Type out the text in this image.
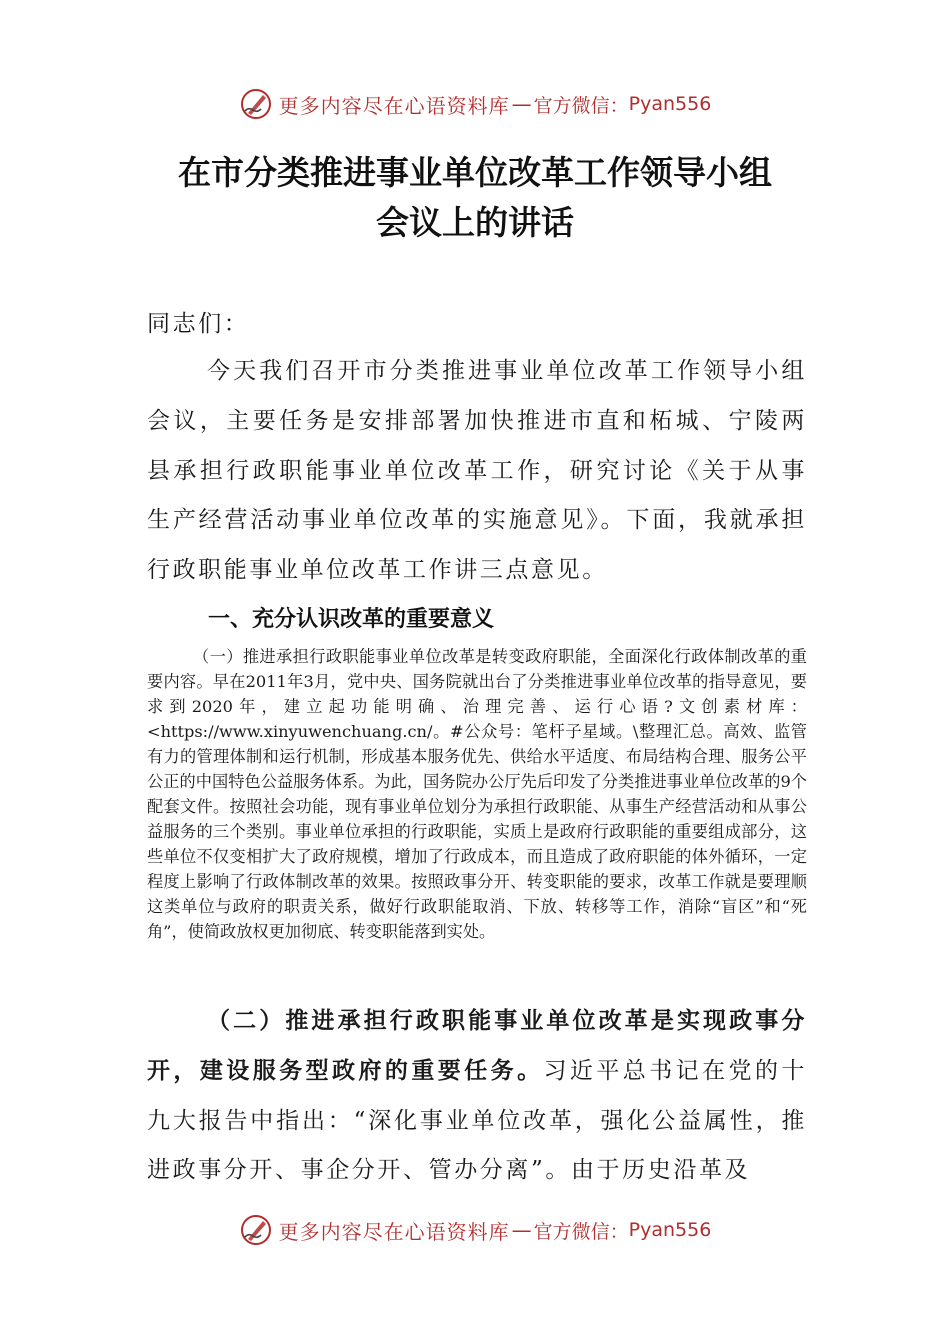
更多内容尽在心语资料库 — 官方微信： Pyan556
在市分类推进事业单位改革工作领导小组
会议上的讲话
同志们：
今天我们召开市分类推进事业单位改革工作领导小组会议，主要任务是安排部署加快推进市直和柘城、宁陵两县承担行政职能事业单位改革工作，研究讨论《关于从事生产经营活动事业单位改革的实施意见》。下面，我就承担行政职能事业单位改革工作讲三点意见。
一、充分认识改革的重要意义
（一）推进承担行政职能事业单位改革是转变政府职能，全面深化行政体制改革的重要内容。早在2011年3月，党中央、国务院就出台了分类推进事业单位改革的指导意见，要求到2020年，建立起功能明确、治理完善、运行心语?文创素材库：<https://www.xinyuwenchuang.cn/。#公众号：笔杆子星域。\整理汇总。高效、监管有力的管理体制和运行机制，形成基本服务优先、供给水平适度、布局结构合理、服务公平公正的中国特色公益服务体系。为此，国务院办公厅先后印发了分类推进事业单位改革的9个配套文件。按照社会功能，现有事业单位划分为承担行政职能、从事生产经营活动和从事公益服务的三个类别。事业单位承担的行政职能，实质上是政府行政职能的重要组成部分，这些单位不仅变相扩大了政府规模，增加了行政成本，而且造成了政府职能的体外循环，一定程度上影响了行政体制改革的效果。按照政事分开、转变职能的要求，改革工作就是要理顺这类单位与政府的职责关系，做好行政职能取消、下放、转移等工作，消除“盲区”和“死角”，使简政放权更加彻底、转变职能落到实处。
（二）推进承担行政职能事业单位改革是实现政事分开，建设服务型政府的重要任务。习近平总书记在党的十九大报告中指出：“深化事业单位改革，强化公益属性，推进政事分开、事企分开、管办分离”。由于历史沿革及
更多内容尽在心语资料库 — 官方微信： Pyan556
